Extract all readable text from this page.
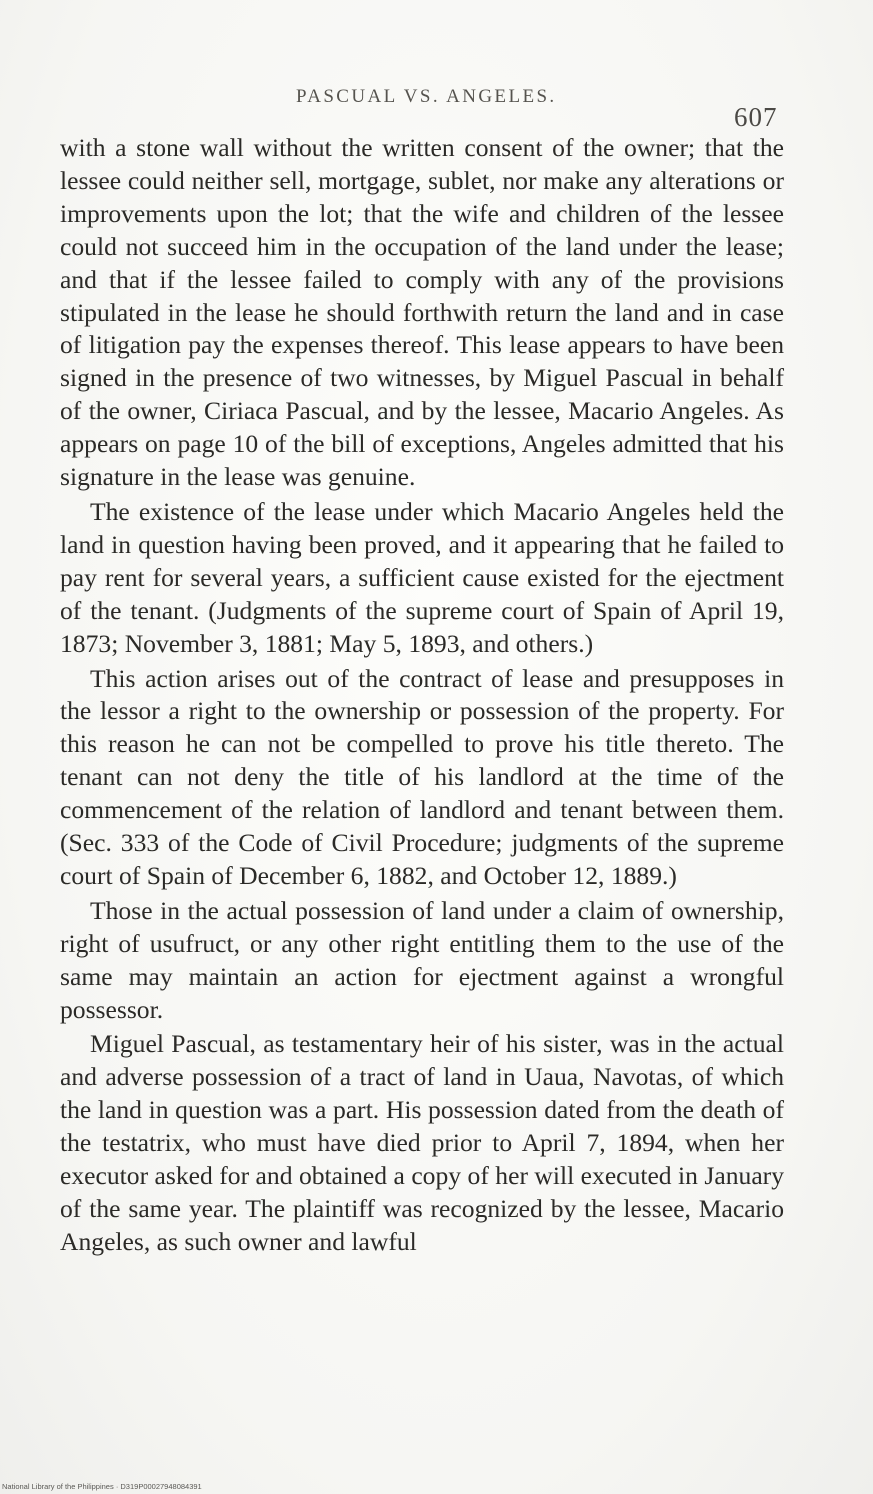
PASCUAL VS. ANGELES.
607

with a stone wall without the written consent of the owner; that the lessee could neither sell, mortgage, sublet, nor make any alterations or improvements upon the lot; that the wife and children of the lessee could not succeed him in the occupation of the land under the lease; and that if the lessee failed to comply with any of the provisions stipulated in the lease he should forthwith return the land and in case of litigation pay the expenses thereof. This lease appears to have been signed in the presence of two witnesses, by Miguel Pascual in behalf of the owner, Ciriaca Pascual, and by the lessee, Macario Angeles. As appears on page 10 of the bill of exceptions, Angeles admitted that his signature in the lease was genuine.

The existence of the lease under which Macario Angeles held the land in question having been proved, and it appearing that he failed to pay rent for several years, a sufficient cause existed for the ejectment of the tenant. (Judgments of the supreme court of Spain of April 19, 1873; November 3, 1881; May 5, 1893, and others.)

This action arises out of the contract of lease and presupposes in the lessor a right to the ownership or possession of the property. For this reason he can not be compelled to prove his title thereto. The tenant can not deny the title of his landlord at the time of the commencement of the relation of landlord and tenant between them. (Sec. 333 of the Code of Civil Procedure; judgments of the supreme court of Spain of December 6, 1882, and October 12, 1889.)

Those in the actual possession of land under a claim of ownership, right of usufruct, or any other right entitling them to the use of the same may maintain an action for ejectment against a wrongful possessor.

Miguel Pascual, as testamentary heir of his sister, was in the actual and adverse possession of a tract of land in Uaua, Navotas, of which the land in question was a part. His possession dated from the death of the testatrix, who must have died prior to April 7, 1894, when her executor asked for and obtained a copy of her will executed in January of the same year. The plaintiff was recognized by the lessee, Macario Angeles, as such owner and lawful

National Library of the Philippines · D319P00027948084391
